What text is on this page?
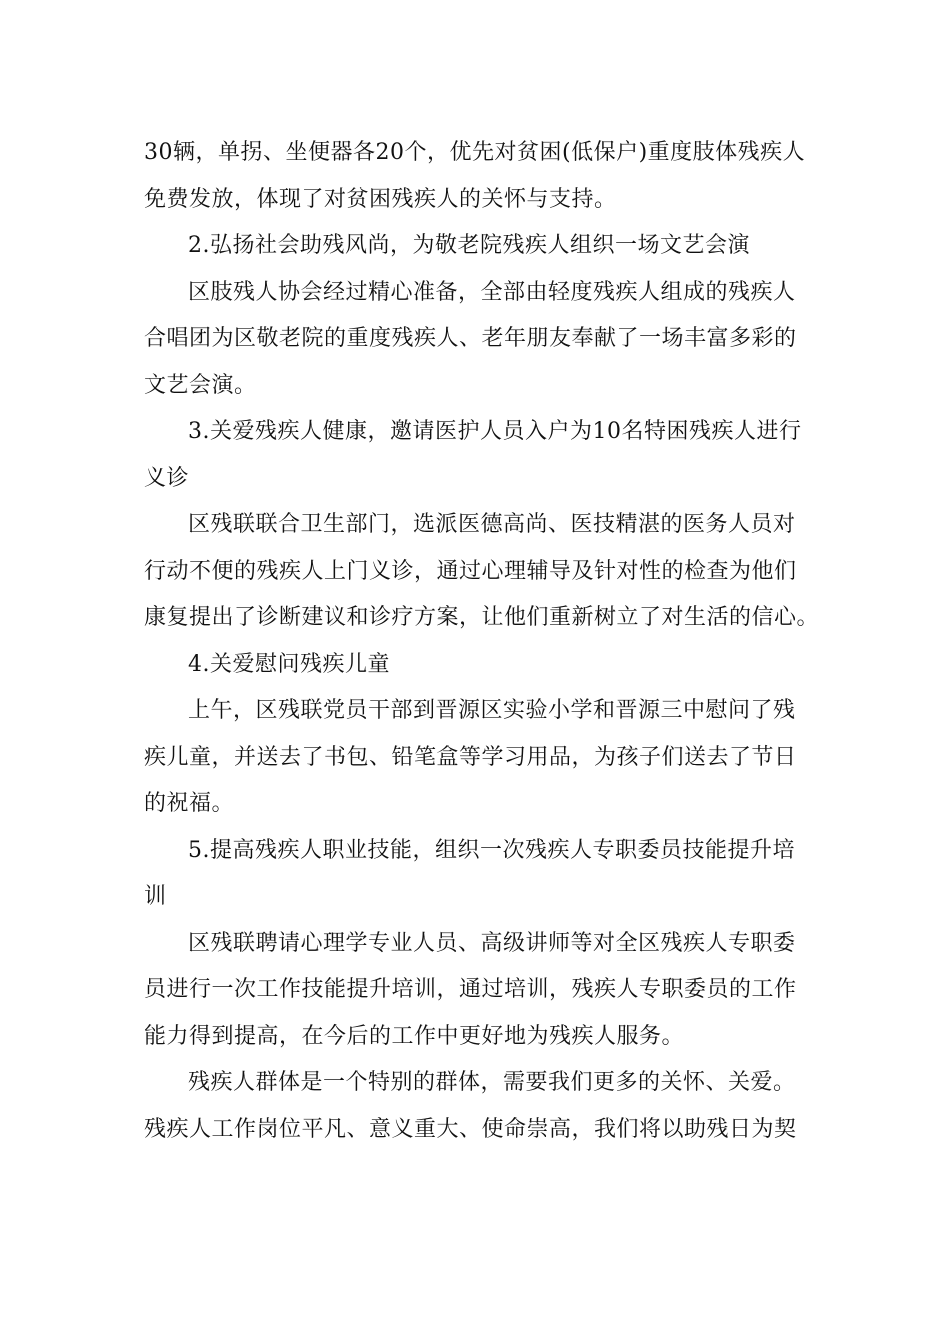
30辆，单拐、坐便器各20个，优先对贫困(低保户)重度肢体残疾人
免费发放，体现了对贫困残疾人的关怀与支持。

2.弘扬社会助残风尚，为敬老院残疾人组织一场文艺会演

区肢残人协会经过精心准备，全部由轻度残疾人组成的残疾人
合唱团为区敬老院的重度残疾人、老年朋友奉献了一场丰富多彩的
文艺会演。

3.关爱残疾人健康，邀请医护人员入户为10名特困残疾人进行
义诊

区残联联合卫生部门，选派医德高尚、医技精湛的医务人员对
行动不便的残疾人上门义诊，通过心理辅导及针对性的检查为他们
康复提出了诊断建议和诊疗方案，让他们重新树立了对生活的信心。

4.关爱慰问残疾儿童

上午，区残联党员干部到晋源区实验小学和晋源三中慰问了残
疾儿童，并送去了书包、铅笔盒等学习用品，为孩子们送去了节日
的祝福。

5.提高残疾人职业技能，组织一次残疾人专职委员技能提升培
训

区残联聘请心理学专业人员、高级讲师等对全区残疾人专职委
员进行一次工作技能提升培训，通过培训，残疾人专职委员的工作
能力得到提高，在今后的工作中更好地为残疾人服务。

残疾人群体是一个特别的群体，需要我们更多的关怀、关爱。
残疾人工作岗位平凡、意义重大、使命崇高，我们将以助残日为契
